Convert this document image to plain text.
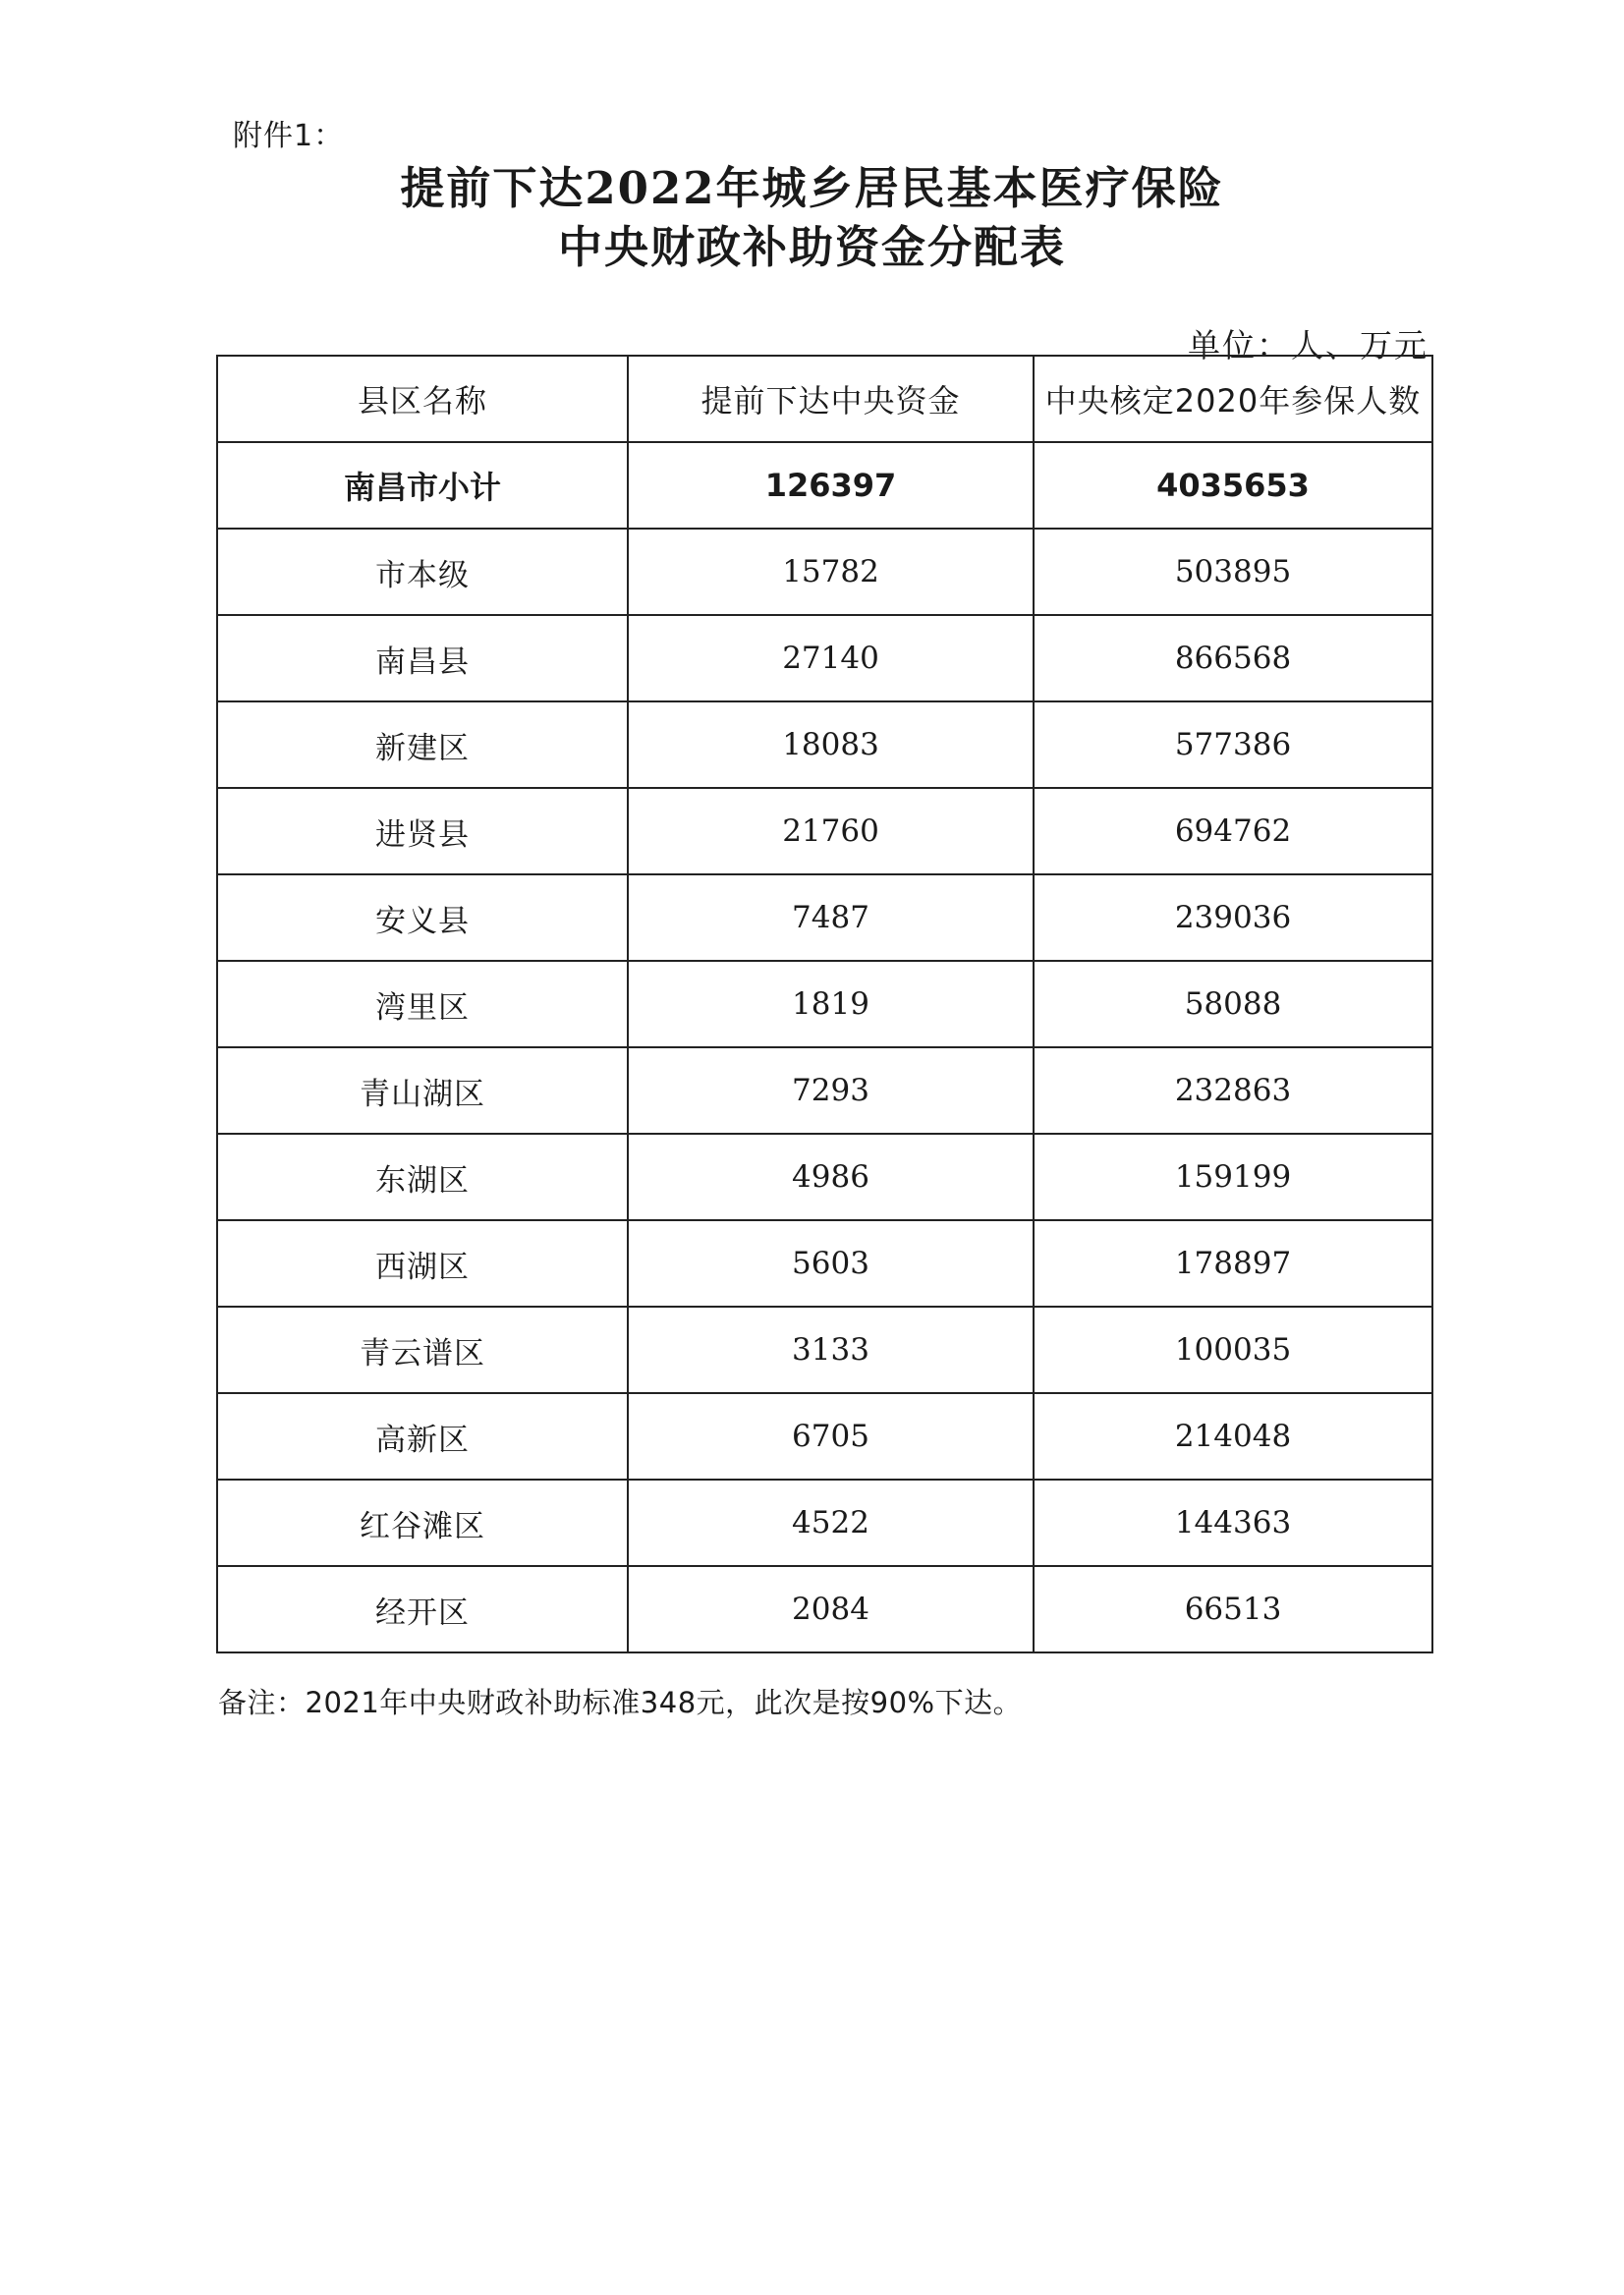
附件1：
提前下达2022年城乡居民基本医疗保险
中央财政补助资金分配表
单位：人、万元
县区名称	提前下达中央资金	中央核定2020年参保人数
南昌市小计	126397	4035653
市本级	15782	503895
南昌县	27140	866568
新建区	18083	577386
进贤县	21760	694762
安义县	7487	239036
湾里区	1819	58088
青山湖区	7293	232863
东湖区	4986	159199
西湖区	5603	178897
青云谱区	3133	100035
高新区	6705	214048
红谷滩区	4522	144363
经开区	2084	66513
备注：2021年中央财政补助标准348元，此次是按90%下达。
